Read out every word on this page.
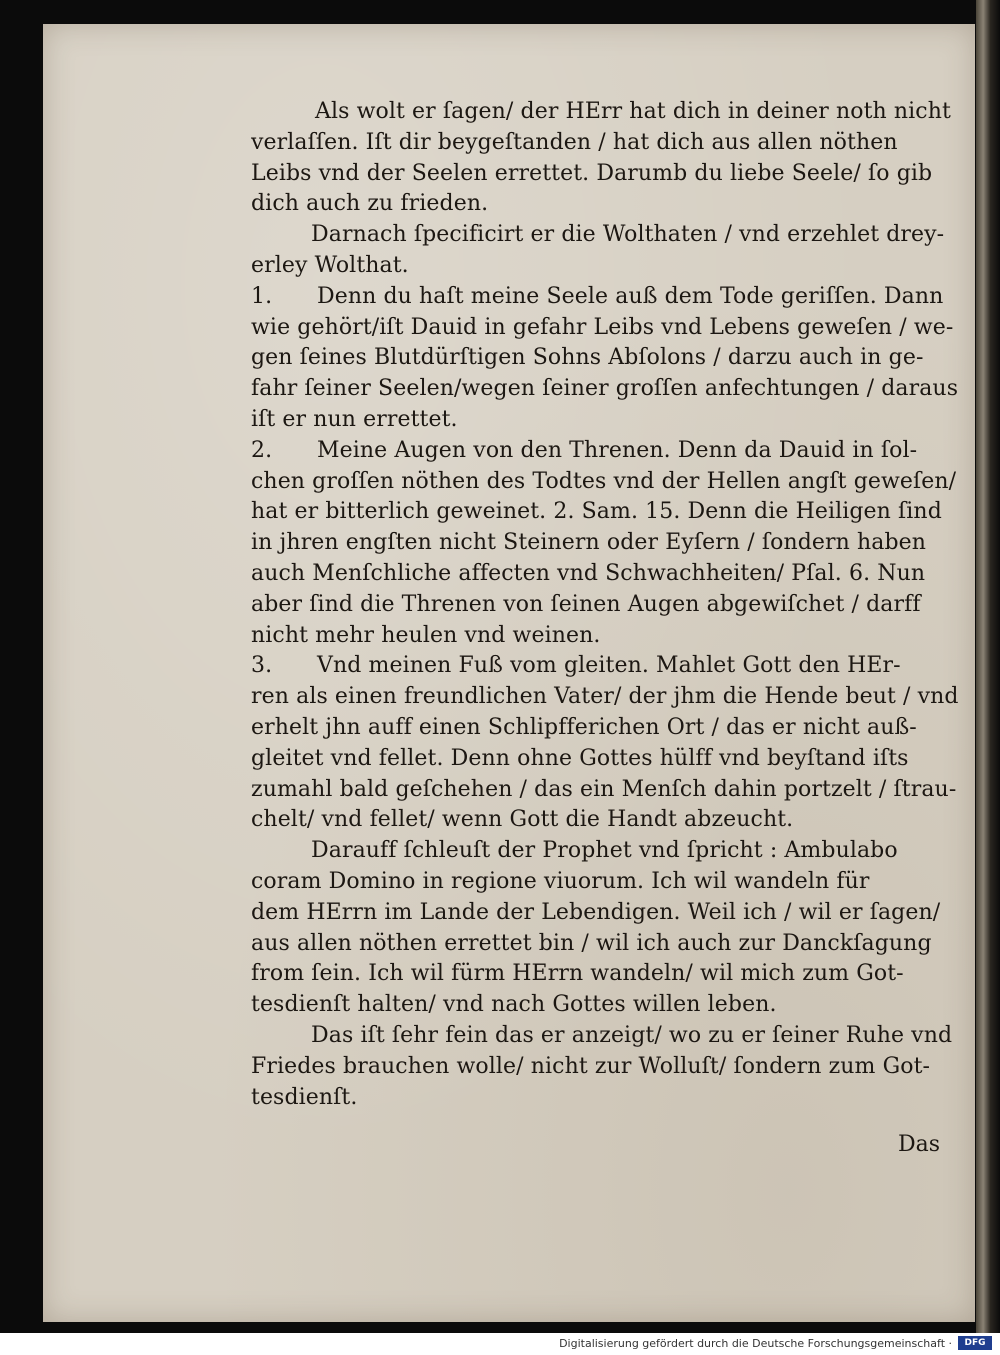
Als wolt er ſagen/ der HErr hat dich in deiner noth nicht
verlaſſen. Iſt dir beygeſtanden / hat dich aus allen nöthen
Leibs vnd der Seelen errettet. Darumb du liebe Seele/ ſo gib
dich auch zu frieden.
Darnach ſpecificirt er die Wolthaten / vnd erzehlet drey-
erley Wolthat.
1. Denn du haſt meine Seele auß dem Tode geriſſen. Dann
wie gehört/iſt Dauid in gefahr Leibs vnd Lebens geweſen / we-
gen ſeines Blutdürſtigen Sohns Abſolons / darzu auch in ge-
fahr ſeiner Seelen/wegen ſeiner groſſen anfechtungen / daraus
iſt er nun errettet.
2. Meine Augen von den Threnen. Denn da Dauid in ſol-
chen groſſen nöthen des Todtes vnd der Hellen angſt geweſen/
hat er bitterlich geweinet. 2. Sam. 15. Denn die Heiligen ſind
in jhren engſten nicht Steinern oder Eyſern / ſondern haben
auch Menſchliche affecten vnd Schwachheiten/ Pſal. 6. Nun
aber ſind die Threnen von ſeinen Augen abgewiſchet / darff
nicht mehr heulen vnd weinen.
3. Vnd meinen Fuß vom gleiten. Mahlet Gott den HEr-
ren als einen freundlichen Vater/ der jhm die Hende beut / vnd
erhelt jhn auff einen Schlipfferichen Ort / das er nicht auß-
gleitet vnd fellet. Denn ohne Gottes hülff vnd beyſtand iſts
zumahl bald geſchehen / das ein Menſch dahin portzelt / ſtrau-
chelt/ vnd fellet/ wenn Gott die Handt abzeucht.
Darauff ſchleuſt der Prophet vnd ſpricht : Ambulabo
coram Domino in regione viuorum. Ich wil wandeln für
dem HErrn im Lande der Lebendigen. Weil ich / wil er ſagen/
aus allen nöthen errettet bin / wil ich auch zur Danckſagung
from ſein. Ich wil fürm HErrn wandeln/ wil mich zum Got-
tesdienſt halten/ vnd nach Gottes willen leben.
Das iſt ſehr fein das er anzeigt/ wo zu er ſeiner Ruhe vnd
Friedes brauchen wolle/ nicht zur Wolluſt/ ſondern zum Got-
tesdienſt.
Das
Digitalisierung gefördert durch die Deutsche Forschungsgemeinschaft ·	DFG
